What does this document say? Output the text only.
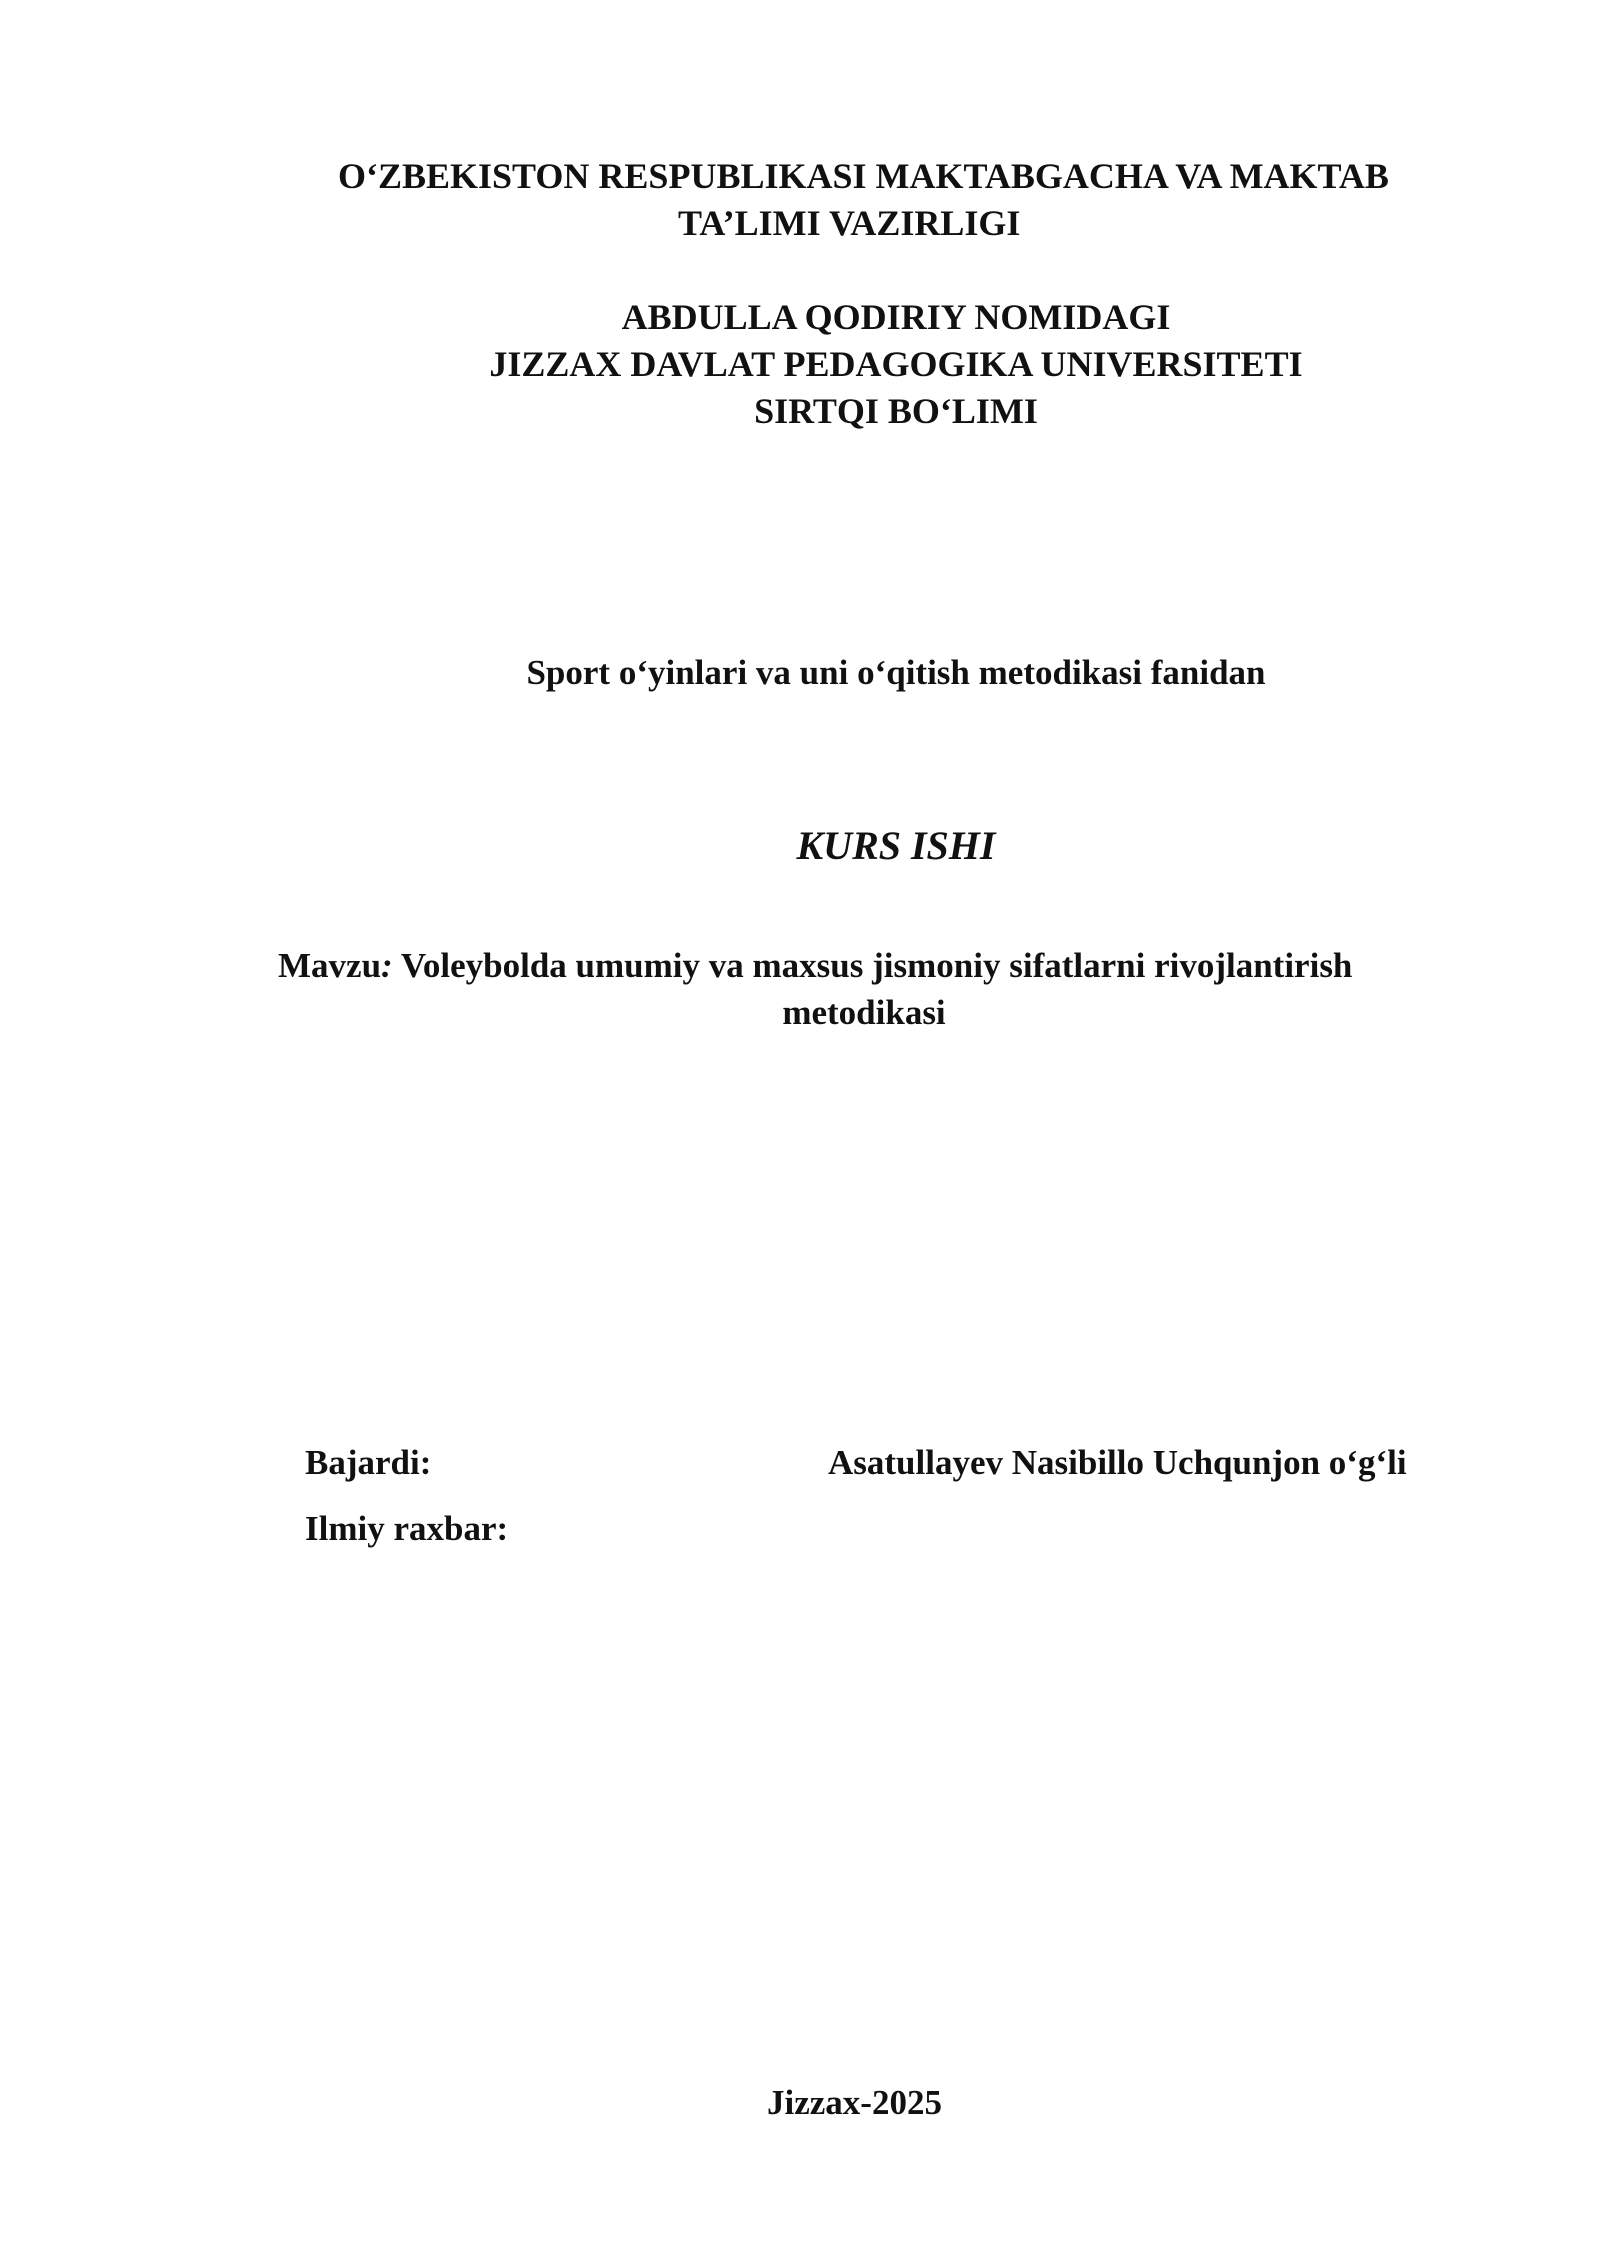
O‘ZBEKISTON RESPUBLIKASI MAKTABGACHA VA MAKTAB
TA’LIMI VAZIRLIGI
ABDULLA QODIRIY NOMIDAGI
JIZZAX DAVLAT PEDAGOGIKA UNIVERSITETI
SIRTQI BO‘LIMI
Sport o‘yinlari va uni o‘qitish metodikasi fanidan
KURS ISHI
Mavzu: Voleybolda umumiy va maxsus jismoniy sifatlarni rivojlantirish
metodikasi
Bajardi:	Asatullayev Nasibillo Uchqunjon o‘g‘li
Ilmiy raxbar:
Jizzax-2025
